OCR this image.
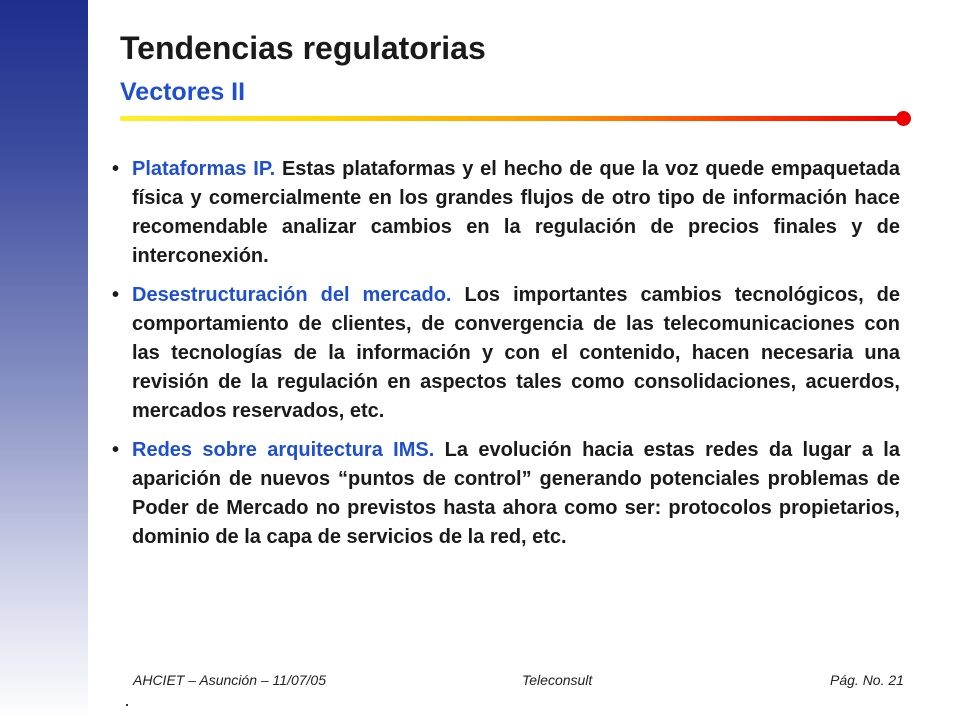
Tendencias regulatorias
Vectores II
• Plataformas IP. Estas plataformas y el hecho de que la voz quede empaquetada física y comercialmente en los grandes flujos de otro tipo de información hace recomendable analizar cambios en la regulación de precios finales y de interconexión.
• Desestructuración del mercado. Los importantes cambios tecnológicos, de comportamiento de clientes, de convergencia de las telecomunicaciones con las tecnologías de la información y con el contenido, hacen necesaria una revisión de la regulación en aspectos tales como consolidaciones, acuerdos, mercados reservados, etc.
• Redes sobre arquitectura IMS. La evolución hacia estas redes da lugar a la aparición de nuevos “puntos de control” generando potenciales problemas de Poder de Mercado no previstos hasta ahora como ser: protocolos propietarios, dominio de la capa de servicios de la red, etc.
AHCIET – Asunción – 11/07/05	Teleconsult	Pág. No. 21
